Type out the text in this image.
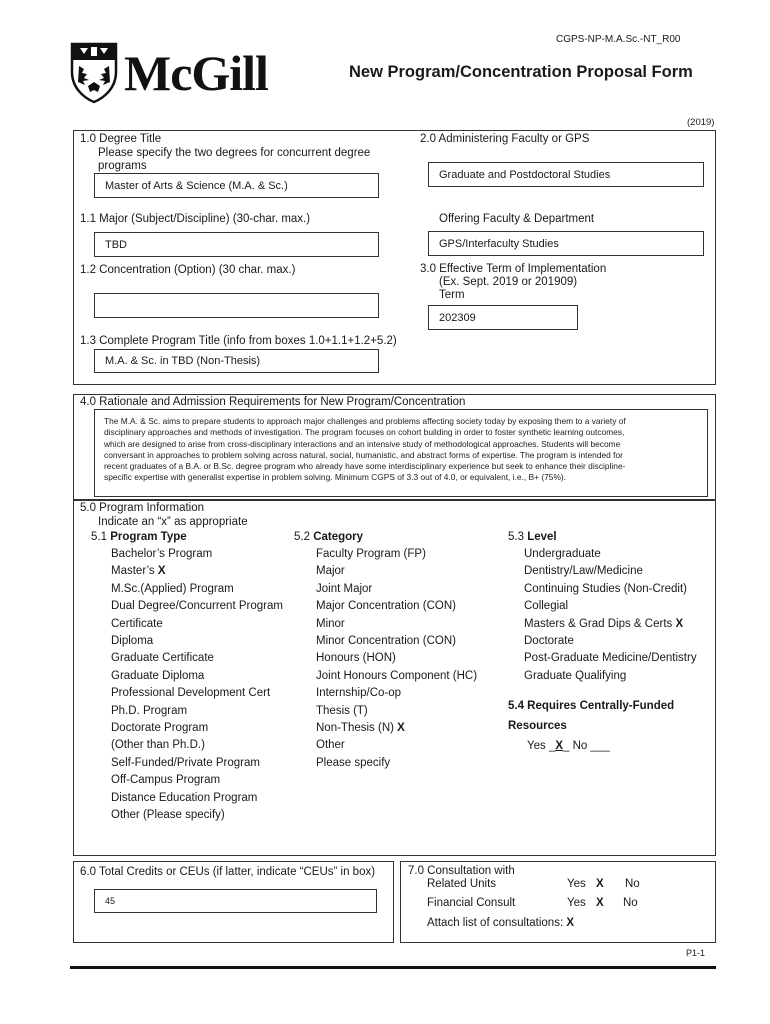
CGPS-NP-M.A.Sc.-NT_R00
McGill	New Program/Concentration Proposal Form
(2019)
1.0 Degree Title
Please specify the two degrees for concurrent degree
programs
Master of Arts & Science (M.A. & Sc.)
2.0 Administering Faculty or GPS
Graduate and Postdoctoral Studies
1.1 Major (Subject/Discipline) (30-char. max.)
TBD
Offering Faculty & Department
GPS/Interfaculty Studies
1.2 Concentration (Option) (30 char. max.)	3.0 Effective Term of Implementation
(Ex. Sept. 2019 or 201909)
Term
202309
1.3 Complete Program Title (info from boxes 1.0+1.1+1.2+5.2)
M.A. & Sc. in TBD (Non-Thesis)
4.0 Rationale and Admission Requirements for New Program/Concentration
The M.A. & Sc. aims to prepare students to approach major challenges and problems affecting society today by exposing them to a variety of
disciplinary approaches and methods of investigation. The program focuses on cohort building in order to foster synthetic learning outcomes,
which are designed to arise from cross-disciplinary interactions and an intensive study of methodological approaches. Students will become
conversant in approaches to problem solving across natural, social, humanistic, and abstract forms of expertise. The program is intended for
recent graduates of a B.A. or B.Sc. degree program who already have some interdisciplinary experience but seek to enhance their discipline-
specific expertise with generalist expertise in problem solving. Minimum CGPS of 3.3 out of 4.0, or equivalent, i.e., B+ (75%).
5.0 Program Information
Indicate an “x” as appropriate
5.1 Program Type
Bachelor’s Program
Master’s X
M.Sc.(Applied) Program
Dual Degree/Concurrent Program
Certificate
Diploma
Graduate Certificate
Graduate Diploma
Professional Development Cert
Ph.D. Program
Doctorate Program
(Other than Ph.D.)
Self-Funded/Private Program
Off-Campus Program
Distance Education Program
Other (Please specify)
5.2 Category
Faculty Program (FP)
Major
Joint Major
Major Concentration (CON)
Minor
Minor Concentration (CON)
Honours (HON)
Joint Honours Component (HC)
Internship/Co-op
Thesis (T)
Non-Thesis (N) X
Other
Please specify
5.3 Level
Undergraduate
Dentistry/Law/Medicine
Continuing Studies (Non-Credit)
Collegial
Masters & Grad Dips & Certs X
Doctorate
Post-Graduate Medicine/Dentistry
Graduate Qualifying
5.4 Requires Centrally-Funded
Resources
Yes _X_ No ___
6.0 Total Credits or CEUs (if latter, indicate “CEUs” in box)
45
7.0 Consultation with
Related Units	Yes X No
Financial Consult	Yes X No
Attach list of consultations: X
P1-1
